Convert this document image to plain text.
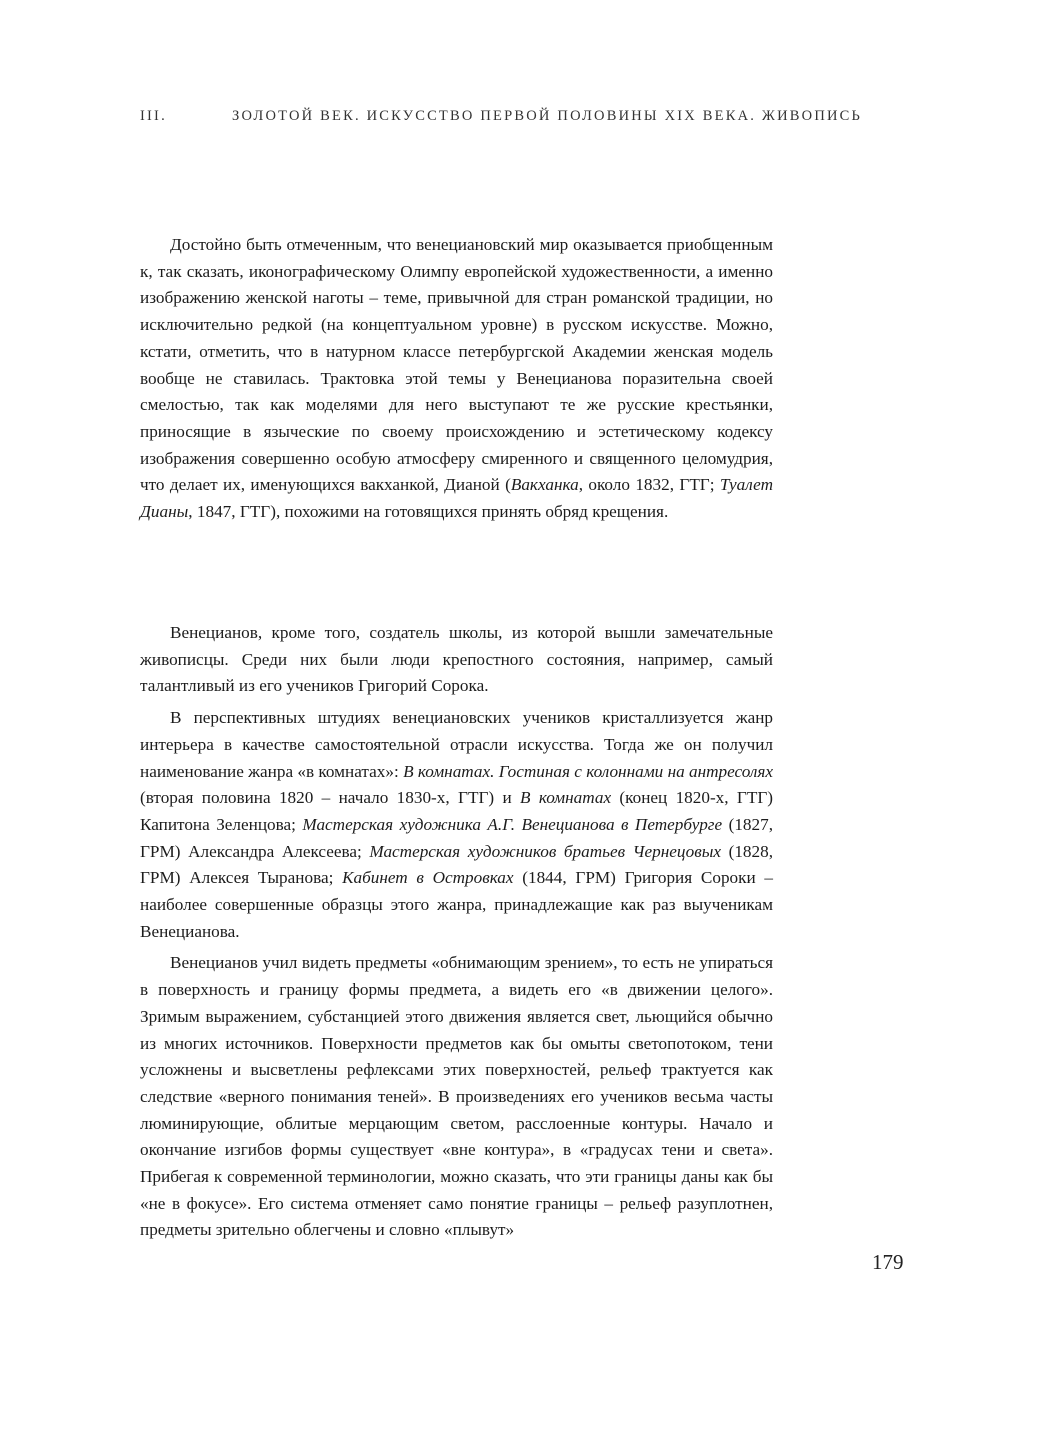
III.	ЗОЛОТОЙ ВЕК. ИСКУССТВО ПЕРВОЙ ПОЛОВИНЫ XIX ВЕКА. ЖИВОПИСЬ

Достойно быть отмеченным, что венециановский мир оказывается приобщенным к, так сказать, иконографическому Олимпу европейской художественности, а именно изображению женской наготы – теме, привычной для стран романской традиции, но исключительно редкой (на концептуальном уровне) в русском искусстве. Можно, кстати, отметить, что в натурном классе петербургской Академии женская модель вообще не ставилась. Трактовка этой темы у Венецианова поразительна своей смелостью, так как моделями для него выступают те же русские крестьянки, приносящие в языческие по своему происхождению и эстетическому кодексу изображения совершенно особую атмосферу смиренного и священного целомудрия, что делает их, именующихся вакханкой, Дианой (Вакханка, около 1832, ГТГ; Туалет Дианы, 1847, ГТГ), похожими на готовящихся принять обряд крещения.

Венецианов, кроме того, создатель школы, из которой вышли замечательные живописцы. Среди них были люди крепостного состояния, например, самый талантливый из его учеников Григорий Сорока.

В перспективных штудиях венециановских учеников кристаллизуется жанр интерьера в качестве самостоятельной отрасли искусства. Тогда же он получил наименование жанра «в комнатах»: В комнатах. Гостиная с колоннами на антресолях (вторая половина 1820 – начало 1830-х, ГТГ) и В комнатах (конец 1820-х, ГТГ) Капитона Зеленцова; Мастерская художника А.Г. Венецианова в Петербурге (1827, ГРМ) Александра Алексеева; Мастерская художников братьев Чернецовых (1828, ГРМ) Алексея Тыранова; Кабинет в Островках (1844, ГРМ) Григория Сороки – наиболее совершенные образцы этого жанра, принадлежащие как раз выученикам Венецианова.

Венецианов учил видеть предметы «обнимающим зрением», то есть не упираться в поверхность и границу формы предмета, а видеть его «в движении целого». Зримым выражением, субстанцией этого движения является свет, льющийся обычно из многих источников. Поверхности предметов как бы омыты светопотоком, тени усложнены и высветлены рефлексами этих поверхностей, рельеф трактуется как следствие «верного понимания теней». В произведениях его учеников весьма часты люминирующие, облитые мерцающим светом, расслоенные контуры. Начало и окончание изгибов формы существует «вне контура», в «градусах тени и света». Прибегая к современной терминологии, можно сказать, что эти границы даны как бы «не в фокусе». Его система отменяет само понятие границы – рельеф разуплотнен, предметы зрительно облегчены и словно «плывут»

179
